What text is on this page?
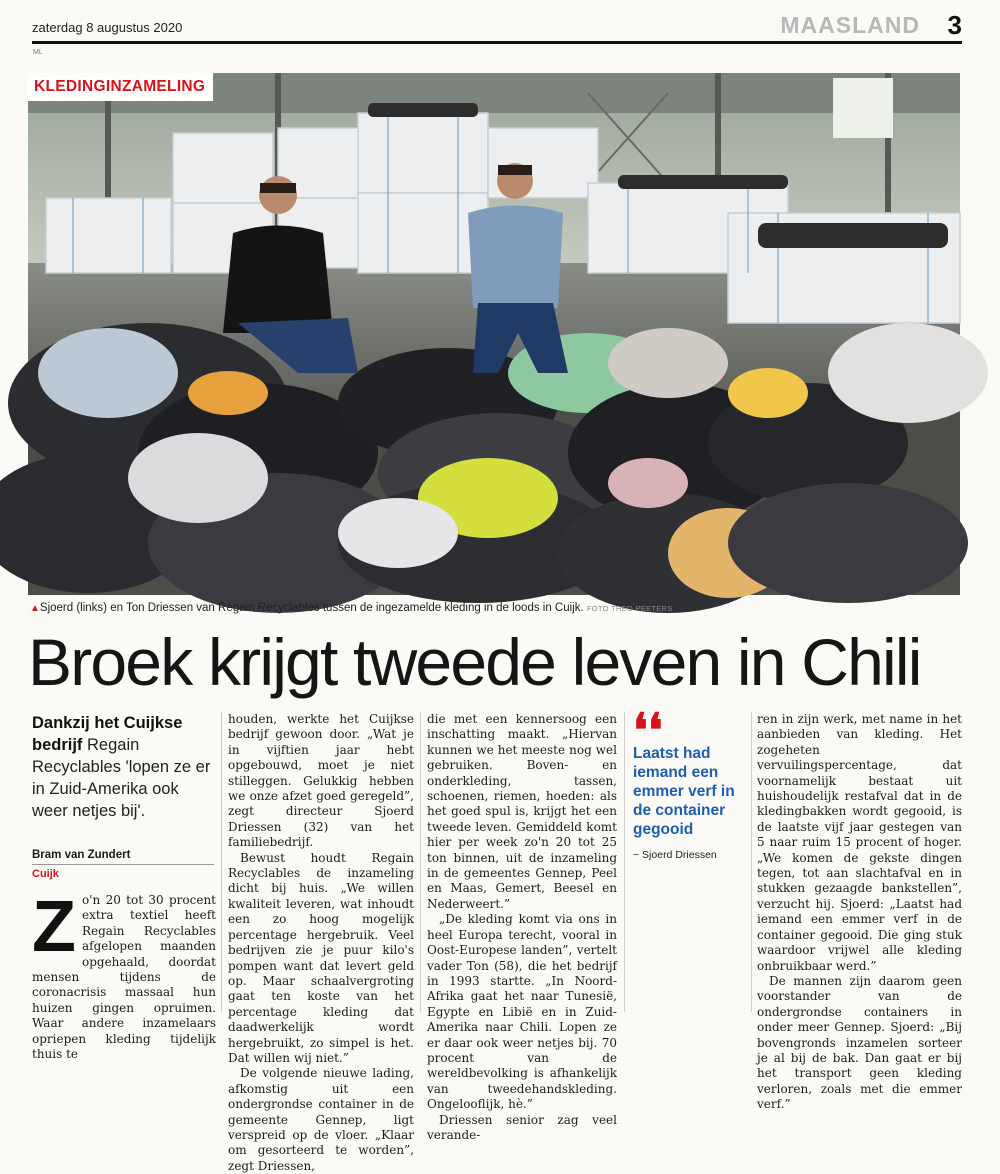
zaterdag 8 augustus 2020	MAASLAND 3
ML
KLEDINGINZAMELING
▲Sjoerd (links) en Ton Driessen van Regain Recyclables tussen de ingezamelde kleding in de loods in Cuijk. FOTO THEO PEETERS
Broek krijgt tweede leven in Chili
Dankzij het Cuijkse bedrijf Regain Recyclables 'lopen ze er in Zuid-Amerika ook weer netjes bij'.
Bram van Zundert
Cuijk
Z o'n 20 tot 30 procent extra textiel heeft Regain Recyclables afgelopen maanden opgehaald, doordat mensen tijdens de coronacrisis massaal hun huizen gingen opruimen. Waar andere inzamelaars opriepen kleding tijdelijk thuis te

houden, werkte het Cuijkse bedrijf gewoon door. „Wat je in vijftien jaar hebt opgebouwd, moet je niet stilleggen. Gelukkig hebben we onze afzet goed geregeld”, zegt directeur Sjoerd Driessen (32) van het familiebedrijf.

Bewust houdt Regain Recyclables de inzameling dicht bij huis. „We willen kwaliteit leveren, wat inhoudt een zo hoog mogelijk percentage hergebruik. Veel bedrijven zie je puur kilo's pompen want dat levert geld op. Maar schaalvergroting gaat ten koste van het percentage kleding dat daadwerkelijk wordt hergebruikt, zo simpel is het. Dat willen wij niet.”

De volgende nieuwe lading, afkomstig uit een ondergrondse container in de gemeente Gennep, ligt verspreid op de vloer. „Klaar om gesorteerd te worden”, zegt Driessen,

die met een kennersoog een inschatting maakt. „Hiervan kunnen we het meeste nog wel gebruiken. Boven- en onderkleding, tassen, schoenen, riemen, hoeden: als het goed spul is, krijgt het een tweede leven. Gemiddeld komt hier per week zo'n 20 tot 25 ton binnen, uit de inzameling in de gemeentes Gennep, Peel en Maas, Gemert, Beesel en Nederweert.”

„De kleding komt via ons in heel Europa terecht, vooral in Oost-Europese landen”, vertelt vader Ton (58), die het bedrijf in 1993 startte. „In Noord-Afrika gaat het naar Tunesië, Egypte en Libië en in Zuid-Amerika naar Chili. Lopen ze er daar ook weer netjes bij. 70 procent van de wereldbevolking is afhankelijk van tweedehandskleding. Ongelooflijk, hè.”

Driessen senior zag veel verande-

❛❛
Laatst had iemand een emmer verf in de container gegooid
~ Sjoerd Driessen

ren in zijn werk, met name in het aanbieden van kleding. Het zogeheten vervuilingspercentage, dat voornamelijk bestaat uit huishoudelijk restafval dat in de kledingbakken wordt gegooid, is de laatste vijf jaar gestegen van 5 naar ruim 15 procent of hoger. „We komen de gekste dingen tegen, tot aan slachtafval en in stukken gezaagde bankstellen”, verzucht hij. Sjoerd: „Laatst had iemand een emmer verf in de container gegooid. Die ging stuk waardoor vrijwel alle kleding onbruikbaar werd.”

De mannen zijn daarom geen voorstander van de ondergrondse containers in onder meer Gennep. Sjoerd: „Bij bovengronds inzamelen sorteer je al bij de bak. Dan gaat er bij het transport geen kleding verloren, zoals met die emmer verf.”
